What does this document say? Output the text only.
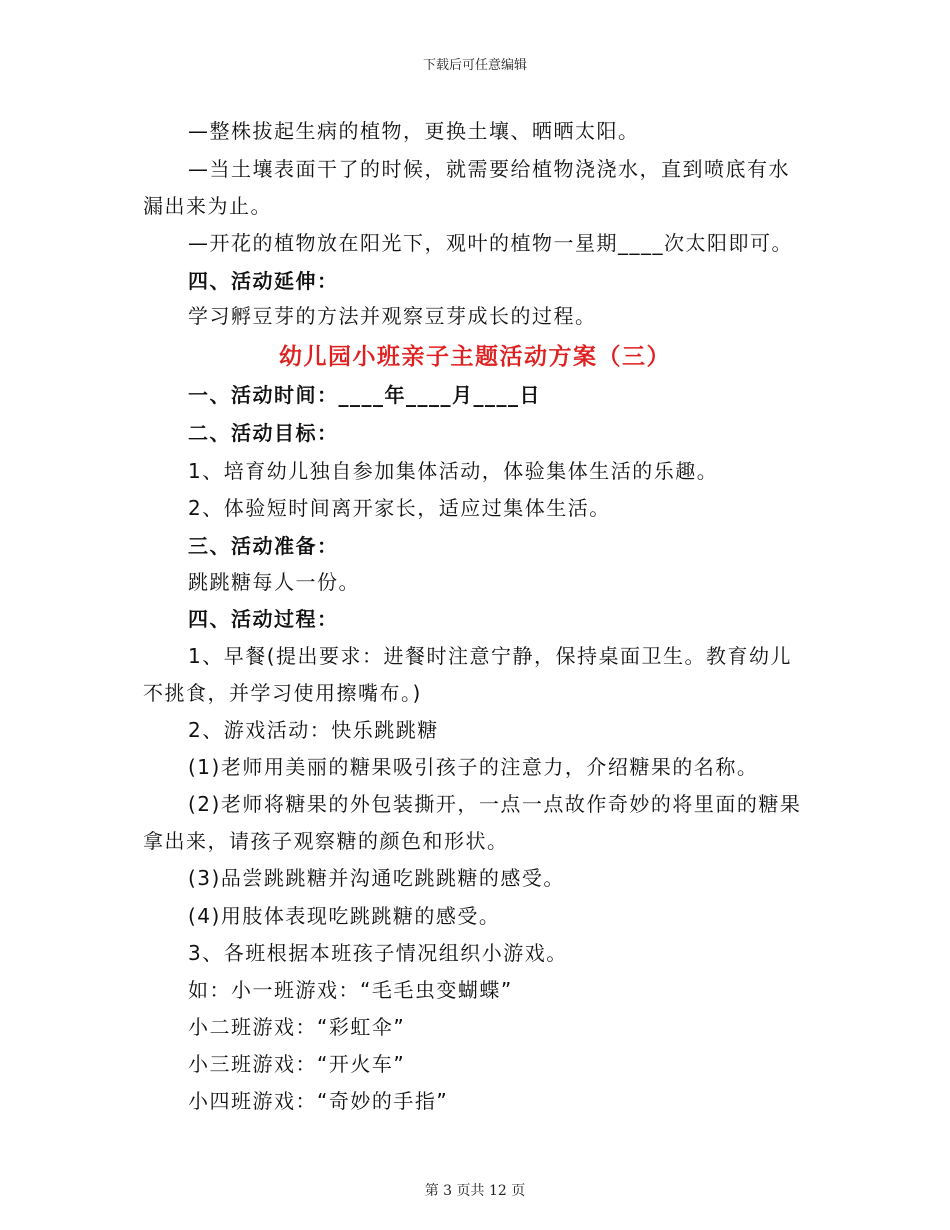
下载后可任意编辑
—整株拔起生病的植物，更换土壤、晒晒太阳。
—当土壤表面干了的时候，就需要给植物浇浇水，直到喷底有水
漏出来为止。
—开花的植物放在阳光下，观叶的植物一星期____次太阳即可。
四、活动延伸：
学习孵豆芽的方法并观察豆芽成长的过程。
幼儿园小班亲子主题活动方案（三）
一、活动时间：____年____月____日
二、活动目标：
1、培育幼儿独自参加集体活动，体验集体生活的乐趣。
2、体验短时间离开家长，适应过集体生活。
三、活动准备：
跳跳糖每人一份。
四、活动过程：
1、早餐(提出要求：进餐时注意宁静，保持桌面卫生。教育幼儿
不挑食，并学习使用擦嘴布。)
2、游戏活动：快乐跳跳糖
(1)老师用美丽的糖果吸引孩子的注意力，介绍糖果的名称。
(2)老师将糖果的外包装撕开，一点一点故作奇妙的将里面的糖果
拿出来，请孩子观察糖的颜色和形状。
(3)品尝跳跳糖并沟通吃跳跳糖的感受。
(4)用肢体表现吃跳跳糖的感受。
3、各班根据本班孩子情况组织小游戏。
如：小一班游戏：“毛毛虫变蝴蝶”
小二班游戏：“彩虹伞”
小三班游戏：“开火车”
小四班游戏：“奇妙的手指”
第 3 页共 12 页
